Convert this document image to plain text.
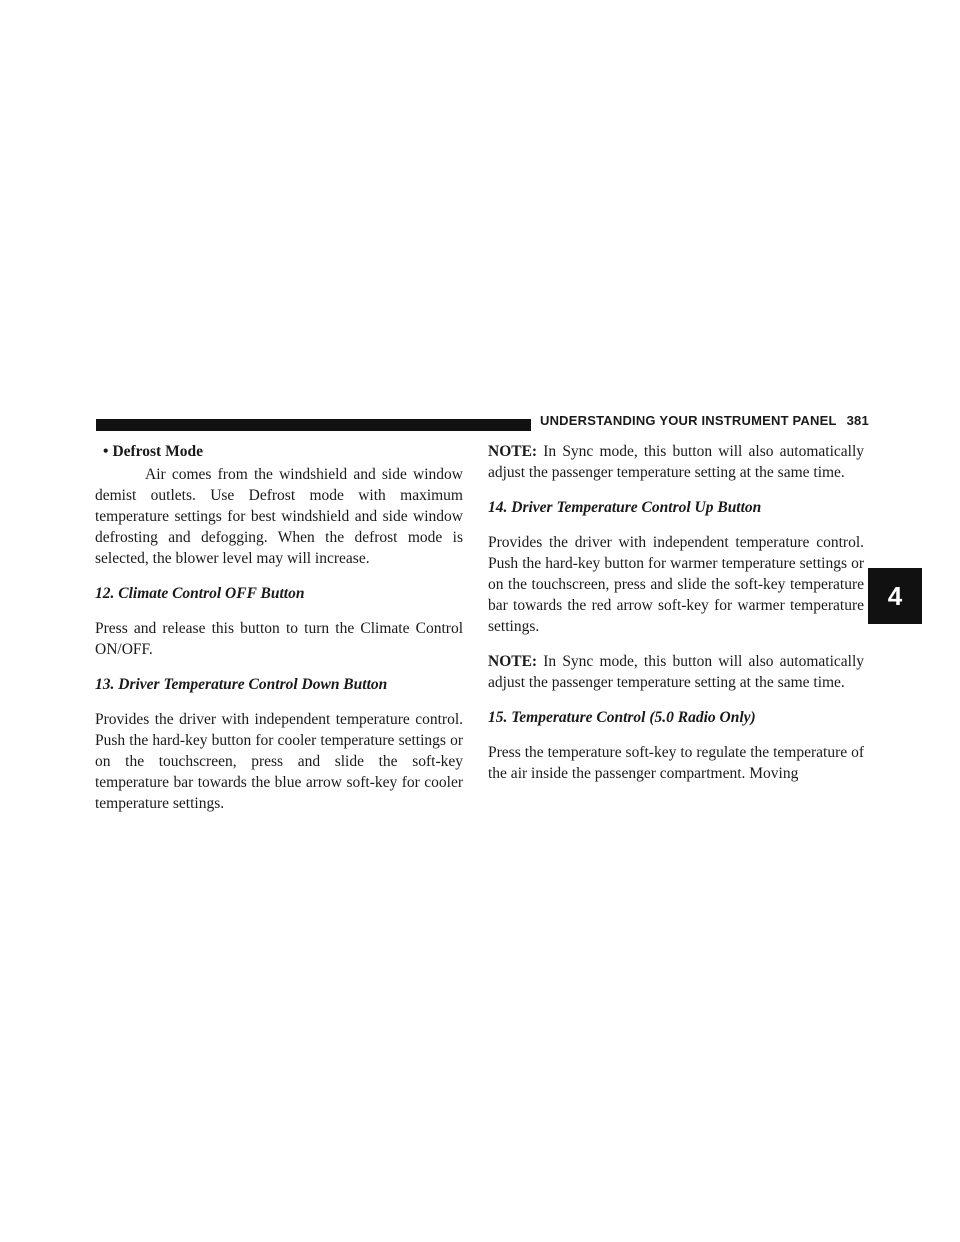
UNDERSTANDING YOUR INSTRUMENT PANEL 381
4

• Defrost Mode

Air comes from the windshield and side window demist outlets. Use Defrost mode with maximum temperature settings for best windshield and side window defrosting and defogging. When the defrost mode is selected, the blower level may will increase.

12. Climate Control OFF Button

Press and release this button to turn the Climate Control ON/OFF.

13. Driver Temperature Control Down Button

Provides the driver with independent temperature control. Push the hard-key button for cooler temperature settings or on the touchscreen, press and slide the soft-key temperature bar towards the blue arrow soft-key for cooler temperature settings.

NOTE: In Sync mode, this button will also automatically adjust the passenger temperature setting at the same time.

14. Driver Temperature Control Up Button

Provides the driver with independent temperature control. Push the hard-key button for warmer temperature settings or on the touchscreen, press and slide the soft-key temperature bar towards the red arrow soft-key for warmer temperature settings.

NOTE: In Sync mode, this button will also automatically adjust the passenger temperature setting at the same time.

15. Temperature Control (5.0 Radio Only)

Press the temperature soft-key to regulate the temperature of the air inside the passenger compartment. Moving
